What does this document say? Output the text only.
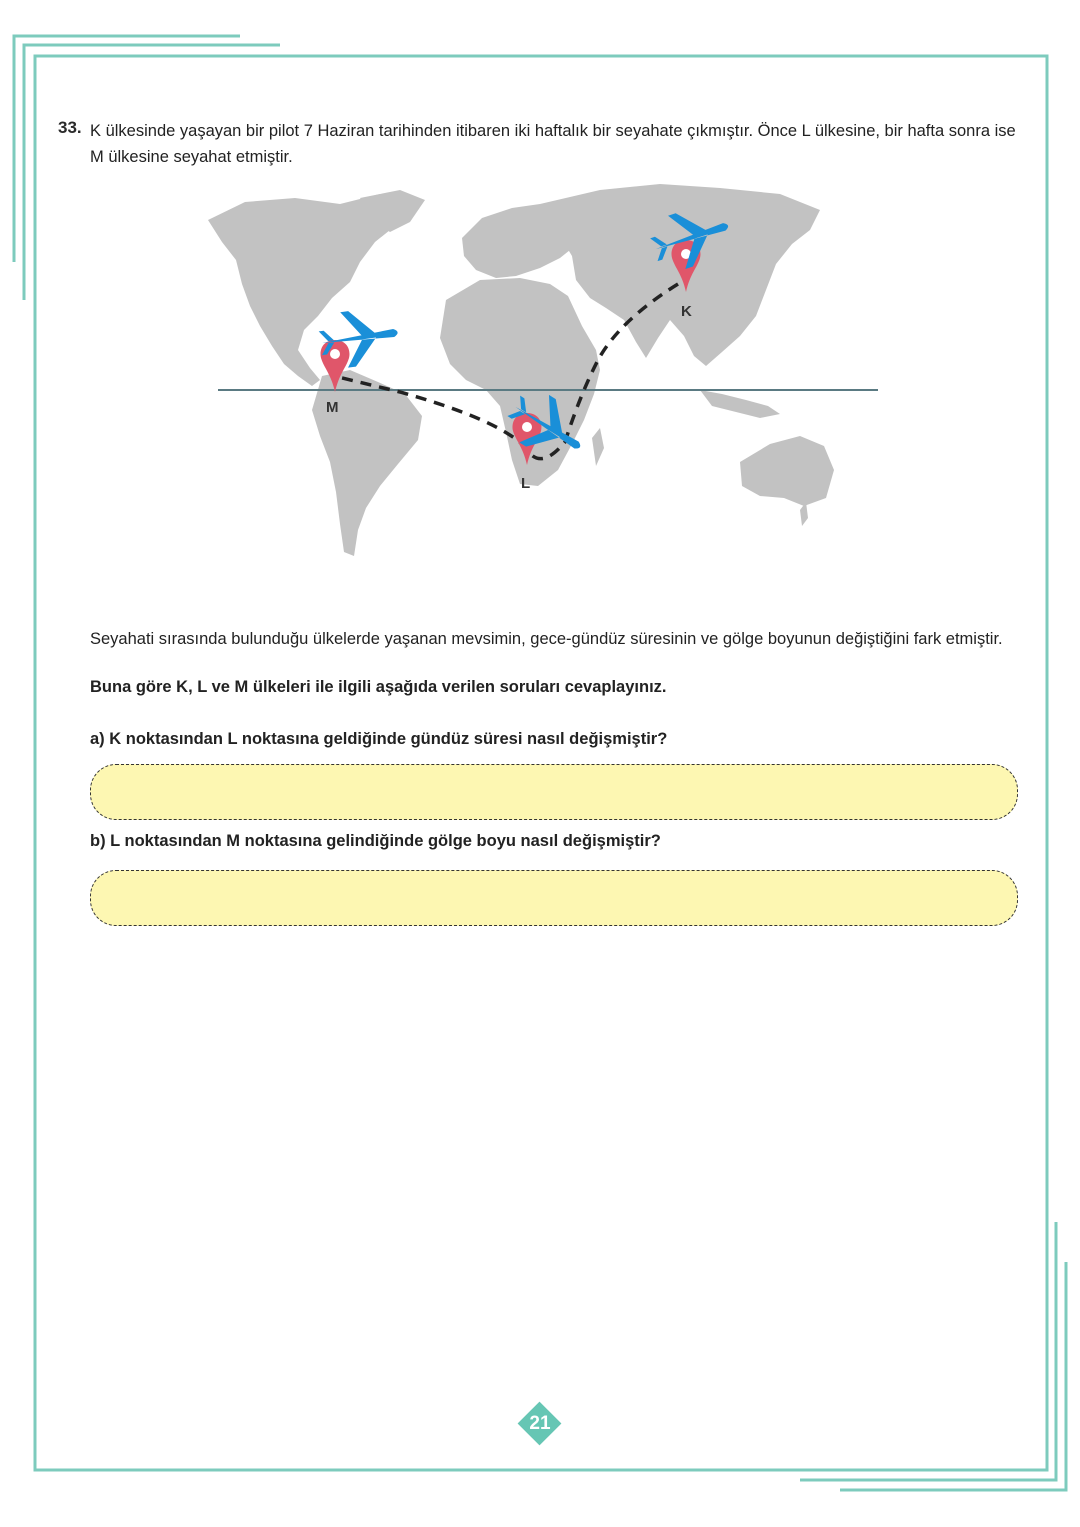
33. K ülkesinde yaşayan bir pilot 7 Haziran tarihinden itibaren iki haftalık bir seyahate çıkmıştır. Önce L ülkesine, bir hafta sonra ise M ülkesine seyahat etmiştir.
K
L
M
Seyahati sırasında bulunduğu ülkelerde yaşanan mevsimin, gece-gündüz süresinin ve gölge boyunun değiştiğini fark etmiştir.
Buna göre K, L ve M ülkeleri ile ilgili aşağıda verilen soruları cevaplayınız.
a) K noktasından L noktasına geldiğinde gündüz süresi nasıl değişmiştir?
b) L noktasından M noktasına gelindiğinde gölge boyu nasıl değişmiştir?
21
